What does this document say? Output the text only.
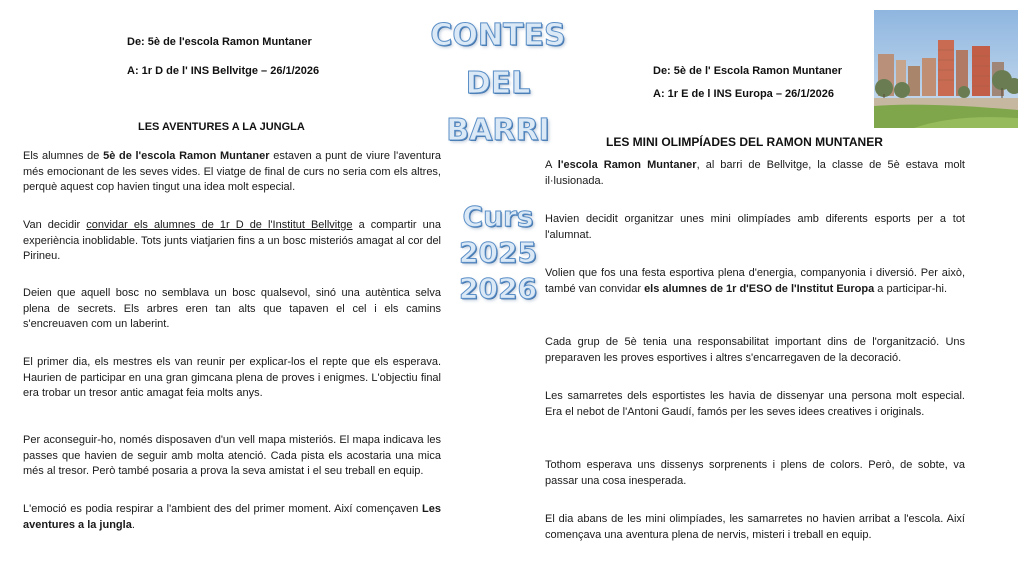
De: 5è de l'escola Ramon Muntaner
A: 1r D de l' INS Bellvitge – 26/1/2026
LES AVENTURES A LA JUNGLA

Els alumnes de 5è de l'escola Ramon Muntaner estaven a punt de viure l'aventura més emocionant de les seves vides. El viatge de final de curs no seria com els altres, perquè aquest cop havien tingut una idea molt especial.

Van decidir convidar els alumnes de 1r D de l'Institut Bellvitge a compartir una experiència inoblidable. Tots junts viatjarien fins a un bosc misteriós amagat al cor del Pirineu.

Deien que aquell bosc no semblava un bosc qualsevol, sinó una autèntica selva plena de secrets. Els arbres eren tan alts que tapaven el cel i els camins s'encreuaven com un laberint.

El primer dia, els mestres els van reunir per explicar-los el repte que els esperava. Haurien de participar en una gran gimcana plena de proves i enigmes. L'objectiu final era trobar un tresor antic amagat feia molts anys.

Per aconseguir-ho, només disposaven d'un vell mapa misteriós. El mapa indicava les passes que havien de seguir amb molta atenció. Cada pista els acostaria una mica més al tresor. Però també posaria a prova la seva amistat i el seu treball en equip.

L'emoció es podia respirar a l'ambient des del primer moment. Així començaven Les aventures a la jungla.

CONTES
DEL
BARRI
Curs
2025
2026
De: 5è de l' Escola Ramon Muntaner
A: 1r E de l INS Europa – 26/1/2026
LES MINI OLIMPÍADES DEL RAMON MUNTANER

A l'escola Ramon Muntaner, al barri de Bellvitge, la classe de 5è estava molt il·lusionada.

Havien decidit organitzar unes mini olimpíades amb diferents esports per a tot l'alumnat.

Volien que fos una festa esportiva plena d'energia, companyonia i diversió. Per això, també van convidar els alumnes de 1r d'ESO de l'Institut Europa a participar-hi.

Cada grup de 5è tenia una responsabilitat important dins de l'organització. Uns preparaven les proves esportives i altres s'encarregaven de la decoració.

Les samarretes dels esportistes les havia de dissenyar una persona molt especial. Era el nebot de l'Antoni Gaudí, famós per les seves idees creatives i originals.

Tothom esperava uns dissenys sorprenents i plens de colors. Però, de sobte, va passar una cosa inesperada.

El dia abans de les mini olimpíades, les samarretes no havien arribat a l'escola. Així començava una aventura plena de nervis, misteri i treball en equip.
